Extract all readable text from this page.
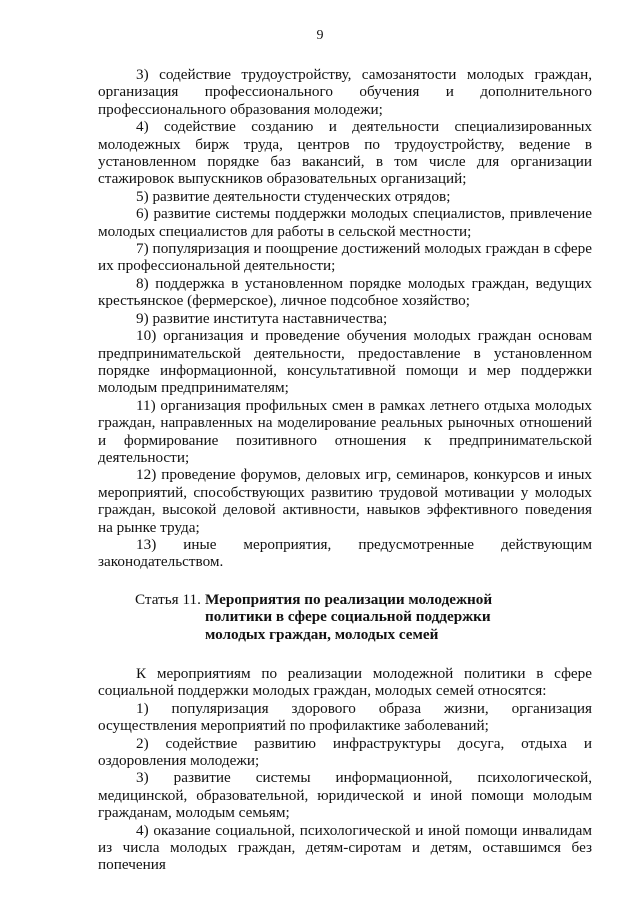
9

3) содействие трудоустройству, самозанятости молодых граждан, организация профессионального обучения и дополнительного профессионального образования молодежи;

4) содействие созданию и деятельности специализированных молодежных бирж труда, центров по трудоустройству, ведение в установленном порядке баз вакансий, в том числе для организации стажировок выпускников образовательных организаций;

5) развитие деятельности студенческих отрядов;

6) развитие системы поддержки молодых специалистов, привлечение молодых специалистов для работы в сельской местности;

7) популяризация и поощрение достижений молодых граждан в сфере их профессиональной деятельности;

8) поддержка в установленном порядке молодых граждан, ведущих крестьянское (фермерское), личное подсобное хозяйство;

9) развитие института наставничества;

10) организация и проведение обучения молодых граждан основам предпринимательской деятельности, предоставление в установленном порядке информационной, консультативной помощи и мер поддержки молодым предпринимателям;

11) организация профильных смен в рамках летнего отдыха молодых граждан, направленных на моделирование реальных рыночных отношений и формирование позитивного отношения к предпринимательской деятельности;

12) проведение форумов, деловых игр, семинаров, конкурсов и иных мероприятий, способствующих развитию трудовой мотивации у молодых граждан, высокой деловой активности, навыков эффективного поведения на рынке труда;

13) иные мероприятия, предусмотренные действующим законодательством.

Статья 11. Мероприятия по реализации молодежной политики в сфере социальной поддержки молодых граждан, молодых семей

К мероприятиям по реализации молодежной политики в сфере социальной поддержки молодых граждан, молодых семей относятся:

1) популяризация здорового образа жизни, организация осуществления мероприятий по профилактике заболеваний;

2) содействие развитию инфраструктуры досуга, отдыха и оздоровления молодежи;

3) развитие системы информационной, психологической, медицинской, образовательной, юридической и иной помощи молодым гражданам, молодым семьям;

4) оказание социальной, психологической и иной помощи инвалидам из числа молодых граждан, детям-сиротам и детям, оставшимся без попечения
